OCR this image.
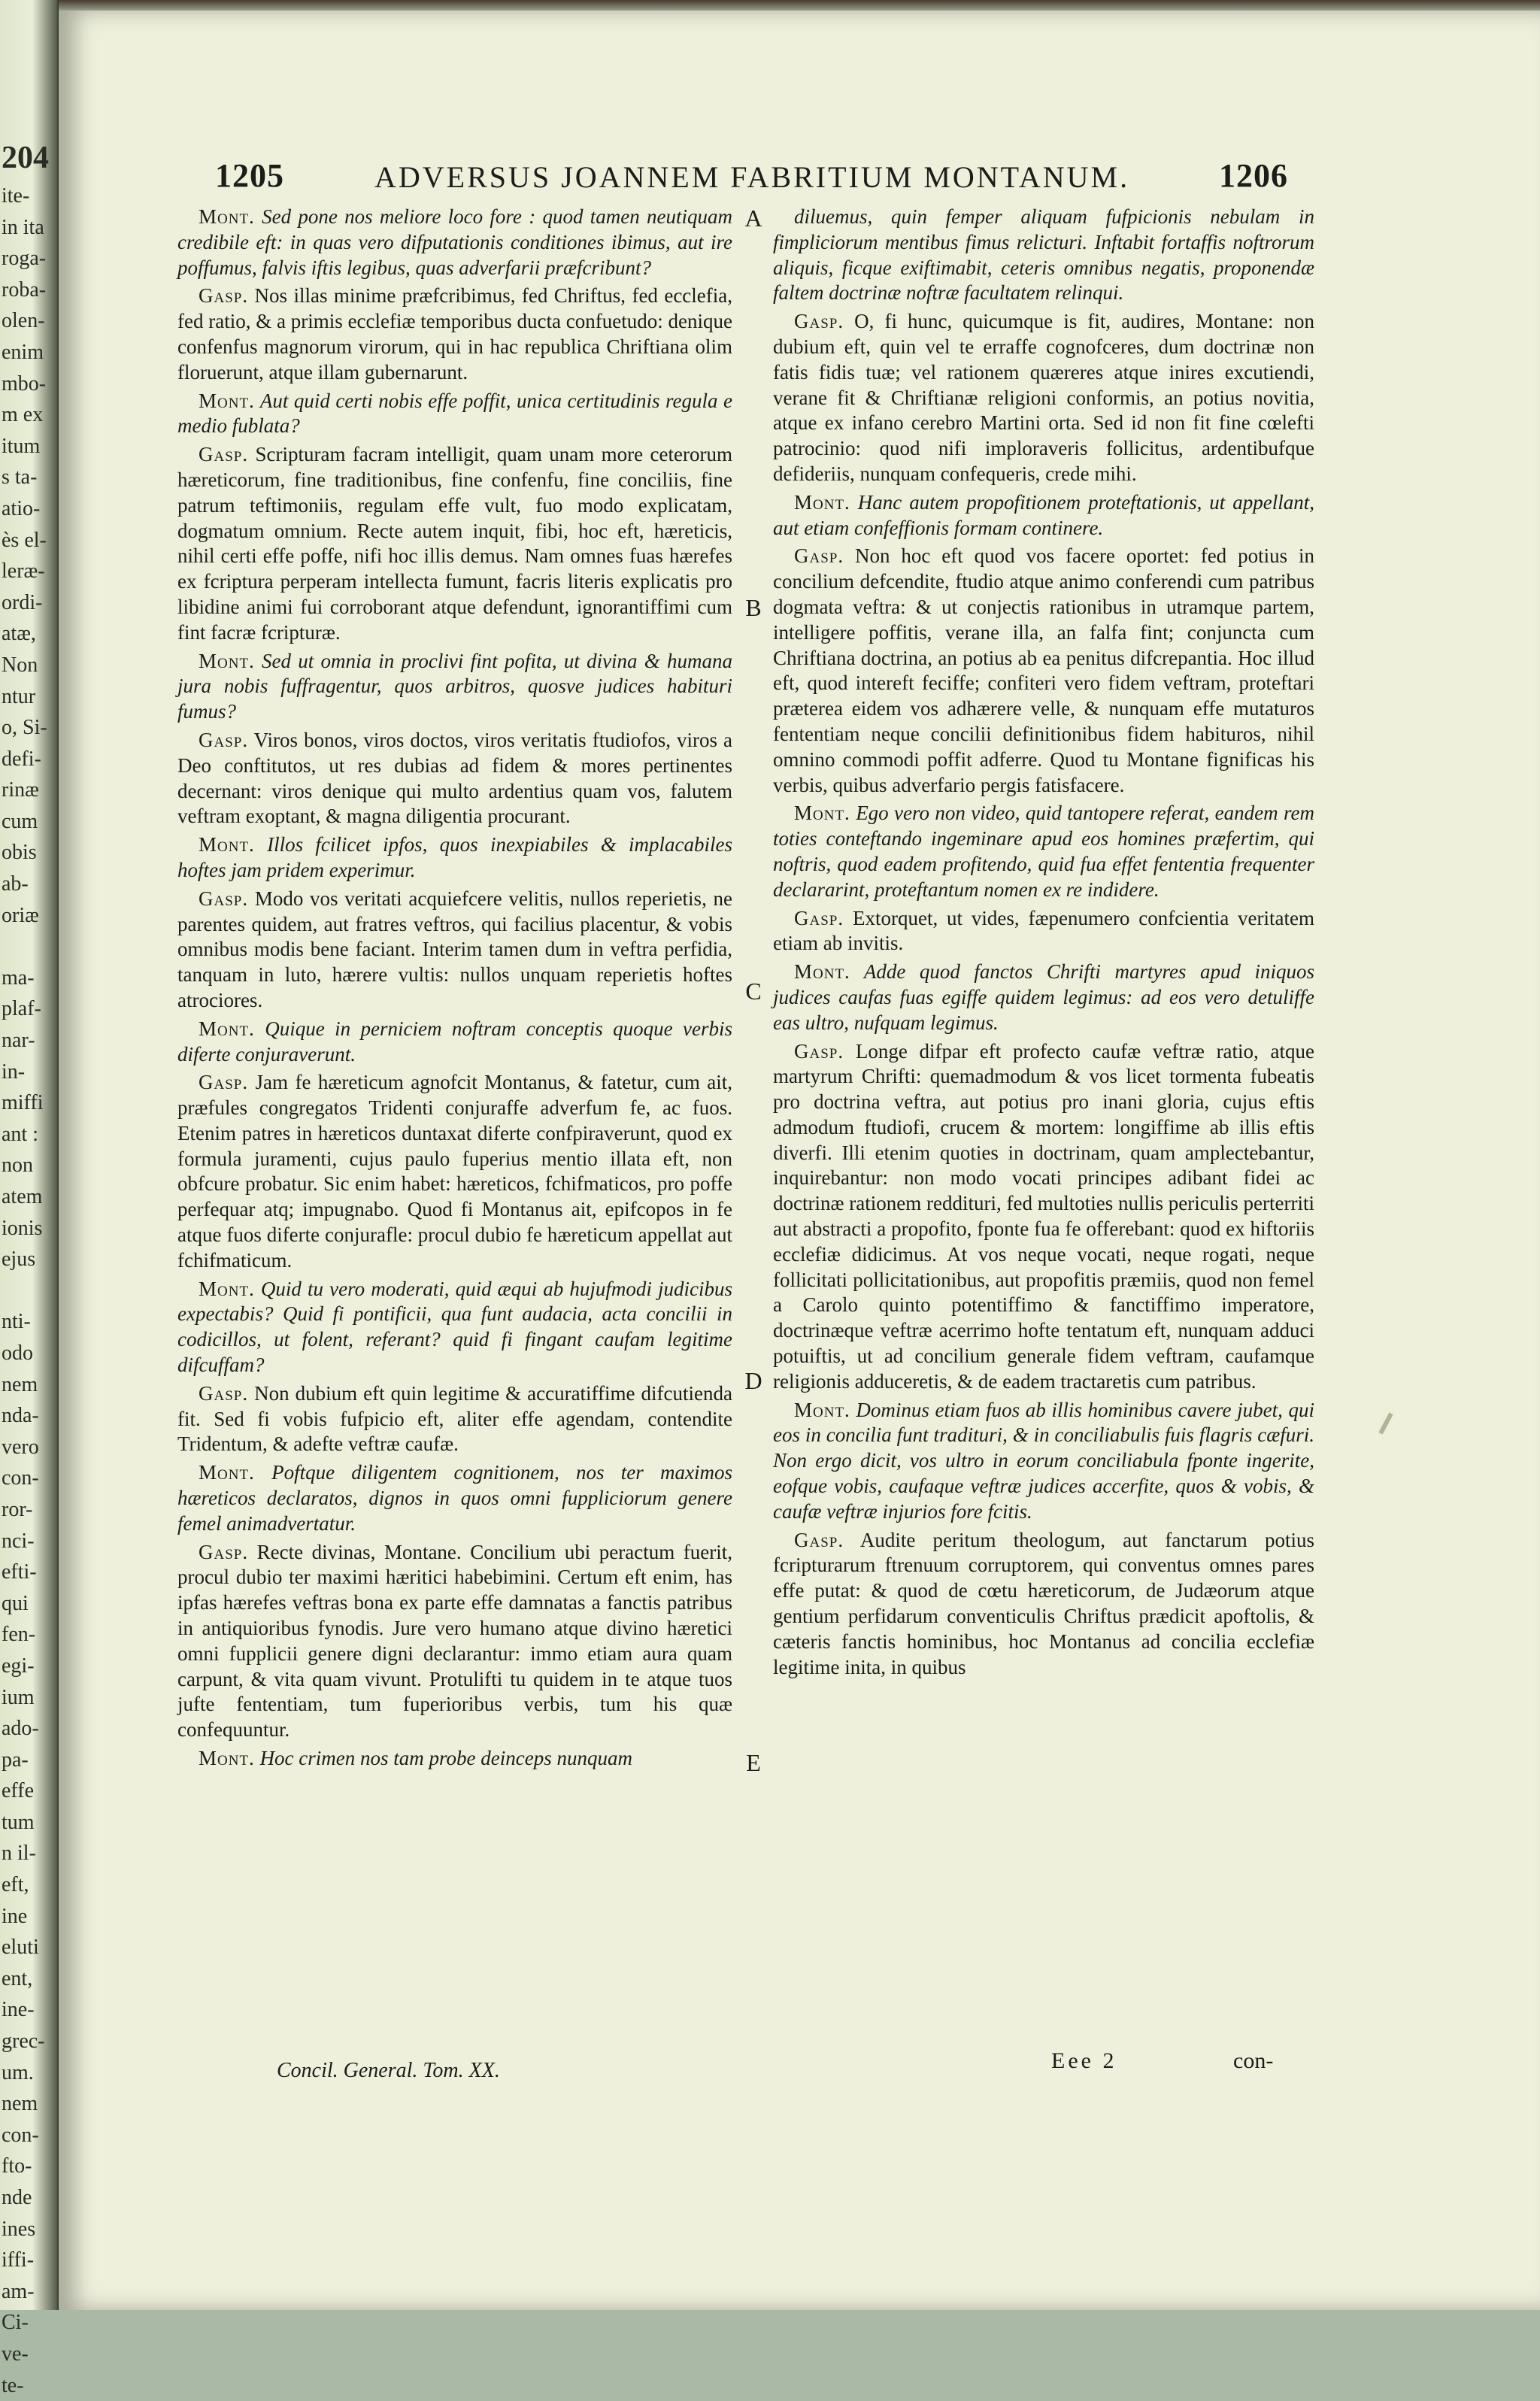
204
ite-
in ita
roga-
roba-
olen-
enim
mbo-
m ex
itum
s ta-
atio-
ès el-
leræ-
ordi-
atæ,
Non
ntur
o, Si-
defi-
rinæ
cum
obis
ab-
oriæ
ma-
plaf-
nar-
in-
miffi
ant :
non
atem
ionis
ejus
nti-
odo
nem
nda-
vero
con-
ror-
nci-
efti-
qui
fen-
egi-
ium
ado-
pa-
effe
tum
n il-
eft,
ine
eluti
ent,
ine-
grec-
um.
nem
con-
fto-
nde
ines
iffi-
am-
Ci-
ve-
te-
1205	ADVERSUS JOANNEM FABRITIUM MONTANUM.	1206

Mont. Sed pone nos meliore loco fore : quod tamen neutiquam credibile eft: in quas vero difputationis conditiones ibimus, aut ire poffumus, falvis iftis legibus, quas adverfarii præfcribunt?

Gasp. Nos illas minime præfcribimus, fed Chriftus, fed ecclefia, fed ratio, & a primis ecclefiæ temporibus ducta confuetudo: denique confenfus magnorum virorum, qui in hac republica Chriftiana olim floruerunt, atque illam gubernarunt.

Mont. Aut quid certi nobis effe poffit, unica certitudinis regula e medio fublata?

Gasp. Scripturam facram intelligit, quam unam more ceterorum hæreticorum, fine traditionibus, fine confenfu, fine conciliis, fine patrum teftimoniis, regulam effe vult, fuo modo explicatam, dogmatum omnium. Recte autem inquit, fibi, hoc eft, hæreticis, nihil certi effe poffe, nifi hoc illis demus. Nam omnes fuas hærefes ex fcriptura perperam intellecta fumunt, facris literis explicatis pro libidine animi fui corroborant atque defendunt, ignorantiffimi cum fint facræ fcripturæ.

Mont. Sed ut omnia in proclivi fint pofita, ut divina & humana jura nobis fuffragentur, quos arbitros, quosve judices habituri fumus?

Gasp. Viros bonos, viros doctos, viros veritatis ftudiofos, viros a Deo conftitutos, ut res dubias ad fidem & mores pertinentes decernant: viros denique qui multo ardentius quam vos, falutem veftram exoptant, & magna diligentia procurant.

Mont. Illos fcilicet ipfos, quos inexpiabiles & implacabiles hoftes jam pridem experimur.

Gasp. Modo vos veritati acquiefcere velitis, nullos reperietis, ne parentes quidem, aut fratres veftros, qui facilius placentur, & vobis omnibus modis bene faciant. Interim tamen dum in veftra perfidia, tanquam in luto, hærere vultis: nullos unquam reperietis hoftes atrociores.

Mont. Quique in perniciem noftram conceptis quoque verbis diferte conjuraverunt.

Gasp. Jam fe hæreticum agnofcit Montanus, & fatetur, cum ait, præfules congregatos Tridenti conjuraffe adverfum fe, ac fuos. Etenim patres in hæreticos duntaxat diferte confpiraverunt, quod ex formula juramenti, cujus paulo fuperius mentio illata eft, non obfcure probatur. Sic enim habet: hæreticos, fchifmaticos, pro poffe perfequar atq; impugnabo. Quod fi Montanus ait, epifcopos in fe atque fuos diferte conjurafle: procul dubio fe hæreticum appellat aut fchifmaticum.

Mont. Quid tu vero moderati, quid æqui ab hujufmodi judicibus expectabis? Quid fi pontificii, qua funt audacia, acta concilii in codicillos, ut folent, referant? quid fi fingant caufam legitime difcuffam?

Gasp. Non dubium eft quin legitime & accuratiffime difcutienda fit. Sed fi vobis fufpicio eft, aliter effe agendam, contendite Tridentum, & adefte veftræ caufæ.

Mont. Poftque diligentem cognitionem, nos ter maximos hæreticos declaratos, dignos in quos omni fuppliciorum genere femel animadvertatur.

Gasp. Recte divinas, Montane. Concilium ubi peractum fuerit, procul dubio ter maximi hæritici habebimini. Certum eft enim, has ipfas hærefes veftras bona ex parte effe damnatas a fanctis patribus in antiquioribus fynodis. Jure vero humano atque divino hæretici omni fupplicii genere digni declarantur: immo etiam aura quam carpunt, & vita quam vivunt. Protuliftі tu quidem in te atque tuos jufte fententiam, tum fuperioribus verbis, tum his quæ confequuntur.

Mont. Hoc crimen nos tam probe deinceps nunquam

diluemus, quin femper aliquam fufpicionis nebulam in fimpliciorum mentibus fimus relicturi. Inftabit fortaffis noftrorum aliquis, ficque exiftimabit, ceteris omnibus negatis, proponendæ faltem doctrinæ noftræ facultatem relinqui.

Gasp. O, fi hunc, quicumque is fit, audires, Montane: non dubium eft, quin vel te erraffe cognofceres, dum doctrinæ non fatis fidis tuæ; vel rationem quæreres atque inires excutiendi, verane fit & Chriftianæ religioni conformis, an potius novitia, atque ex infano cerebro Martini orta. Sed id non fit fine cœlefti patrocinio: quod nifi imploraveris follicitus, ardentibufque defideriis, nunquam confequeris, crede mihi.

Mont. Hanc autem propofitionem proteftationis, ut appellant, aut etiam confeffionis formam continere.

Gasp. Non hoc eft quod vos facere oportet: fed potius in concilium defcendite, ftudio atque animo conferendi cum patribus dogmata veftra: & ut conjectis rationibus in utramque partem, intelligere poffitis, verane illa, an falfa fint; conjuncta cum Chriftiana doctrina, an potius ab ea penitus difcrepantia. Hoc illud eft, quod intereft feciffe; confiteri vero fidem veftram, proteftari præterea eidem vos adhærere velle, & nunquam effe mutaturos fententiam neque concilii definitionibus fidem habituros, nihil omnino commodi poffit adferre. Quod tu Montane fignificas his verbis, quibus adverfario pergis fatisfacere.

Mont. Ego vero non video, quid tantopere referat, eandem rem toties conteftando ingeminare apud eos homines præfertim, qui noftris, quod eadem profitendo, quid fua effet fententia frequenter declararint, proteftantum nomen ex re indidere.

Gasp. Extorquet, ut vides, fæpenumero confcientia veritatem etiam ab invitis.

Mont. Adde quod fanctos Chrifti martyres apud iniquos judices caufas fuas egiffe quidem legimus: ad eos vero detuliffe eas ultro, nufquam legimus.

Gasp. Longe difpar eft profecto caufæ veftræ ratio, atque martyrum Chrifti: quemadmodum & vos licet tormenta fubeatis pro doctrina veftra, aut potius pro inani gloria, cujus eftis admodum ftudiofi, crucem & mortem: longiffime ab illis eftis diverfi. Illi etenim quoties in doctrinam, quam amplectebantur, inquirebantur: non modo vocati principes adibant fidei ac doctrinæ rationem redditurі, fed multoties nullis periculis perterriti aut abstracti a propofito, fponte fua fe offerebant: quod ex hiftoriis ecclefiæ didicimus. At vos neque vocati, neque rogati, neque follicitati pollicitationibus, aut propofitis præmiis, quod non femel a Carolo quinto potentiffimo & fanctiffimo imperatore, doctrinæque veftræ acerrimo hofte tentatum eft, nunquam adduci potuiftis, ut ad concilium generale fidem veftram, caufamque religionis adduceretis, & de eadem tractaretis cum patribus.

Mont. Dominus etiam fuos ab illis hominibus cavere jubet, qui eos in concilia funt tradituri, & in conciliabulis fuis flagris cæfuri. Non ergo dicit, vos ultro in eorum conciliabula fponte ingerite, eofque vobis, caufaque veftræ judices accerfite, quos & vobis, & caufæ veftræ injurios fore fcitis.

Gasp. Audite peritum theologum, aut fanctarum potius fcripturarum ftrenuum corruptorem, qui conventus omnes pares effe putat: & quod de cœtu hæreticorum, de Judæorum atque gentium perfidarum conventiculis Chriftus prædicit apoftolis, & cæteris fanctis hominibus, hoc Montanus ad concilia ecclefiæ legitime inita, in quibus

A
B
C
D
E
Concil. General. Tom. XX.	Eee 2	con-
